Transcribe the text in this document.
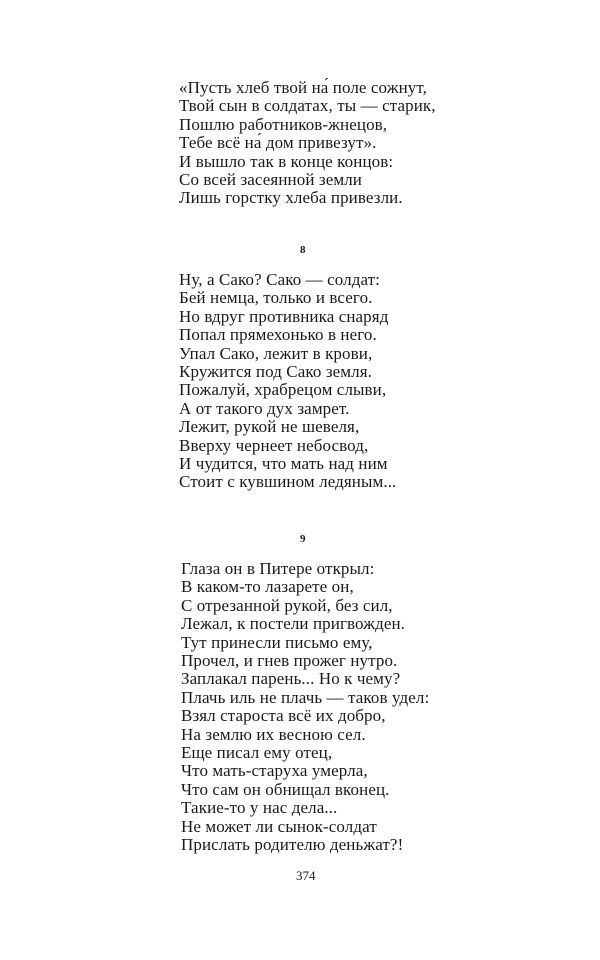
«Пусть хлеб твой на́ поле сожнут,
Твой сын в солдатах, ты — старик,
Пошлю работников-жнецов,
Тебе всё на́ дом привезут».
И вышло так в конце концов:
Со всей засеянной земли
Лишь горстку хлеба привезли.
8
Ну, а Сако? Сако — солдат:
Бей немца, только и всего.
Но вдруг противника снаряд
Попал прямехонько в него.
Упал Сако, лежит в крови,
Кружится под Сако земля.
Пожалуй, храбрецом слыви,
А от такого дух замрет.
Лежит, рукой не шевеля,
Вверху чернеет небосвод,
И чудится, что мать над ним
Стоит с кувшином ледяным...
9
Глаза он в Питере открыл:
В каком-то лазарете он,
С отрезанной рукой, без сил,
Лежал, к постели пригвожден.
Тут принесли письмо ему,
Прочел, и гнев прожег нутро.
Заплакал парень... Но к чему?
Плачь иль не плачь — таков удел:
Взял староста всё их добро,
На землю их весною сел.
Еще писал ему отец,
Что мать-старуха умерла,
Что сам он обнищал вконец.
Такие-то у нас дела...
Не может ли сынок-солдат
Прислать родителю деньжат?!
374
